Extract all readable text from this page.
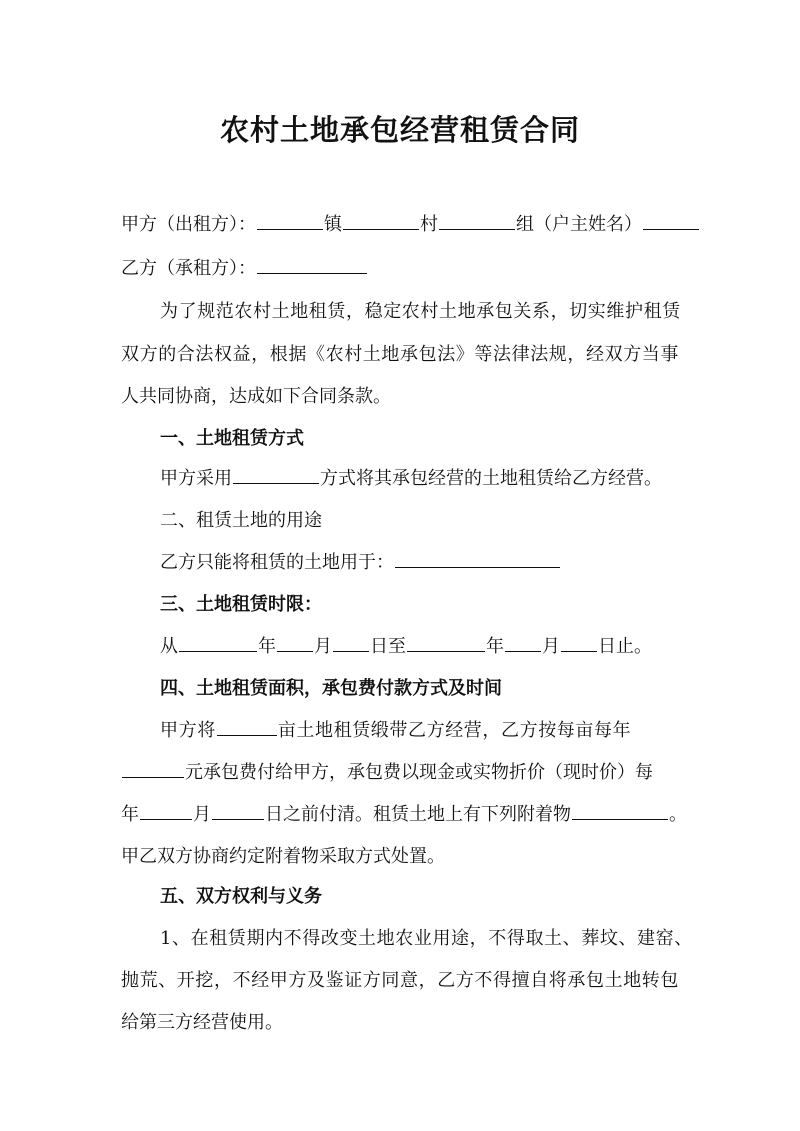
农村土地承包经营租赁合同
甲方（出租方）：	镇	村	组（户主姓名）
乙方（承租方）：
为了规范农村土地租赁，稳定农村土地承包关系，切实维护租赁
双方的合法权益，根据《农村土地承包法》等法律法规，经双方当事
人共同协商，达成如下合同条款。
一、土地租赁方式
甲方采用	方式将其承包经营的土地租赁给乙方经营。
二、租赁土地的用途
乙方只能将租赁的土地用于：
三、土地租赁时限：
从	年 月 日至	年 月 日止。
四、土地租赁面积，承包费付款方式及时间
甲方将	亩土地租赁缎带乙方经营，乙方按每亩每年
元承包费付给甲方，承包费以现金或实物折价（现时价）每
年	月	日之前付清。租赁土地上有下列附着物	。
甲乙双方协商约定附着物采取方式处置。
五、双方权利与义务
1、在租赁期内不得改变土地农业用途，不得取土、葬坟、建窑、
抛荒、开挖，不经甲方及鉴证方同意，乙方不得擅自将承包土地转包
给第三方经营使用。
